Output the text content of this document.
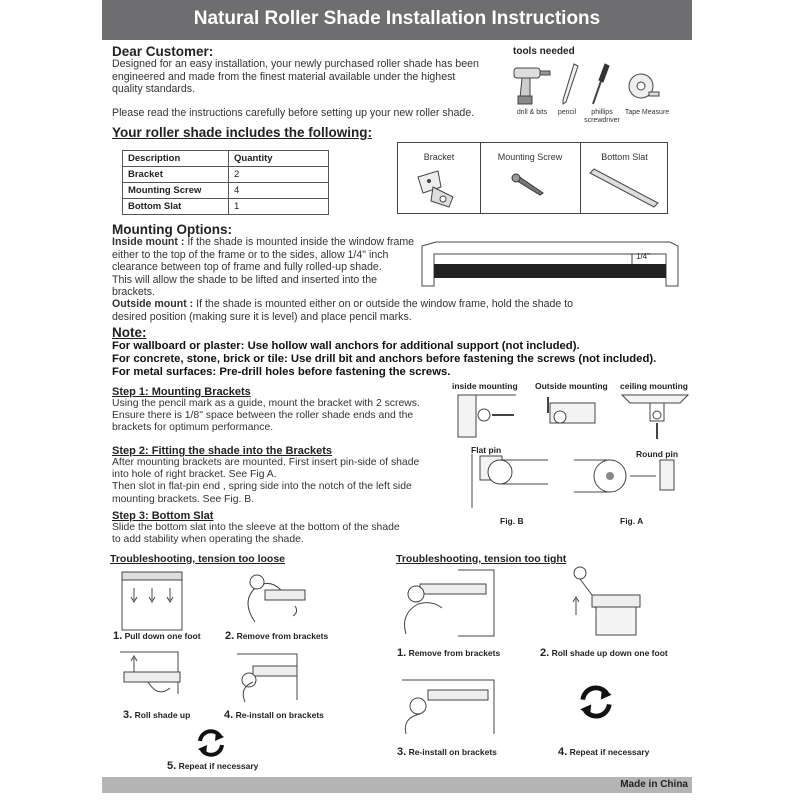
Natural Roller Shade Installation Instructions
Dear Customer:
Designed for an easy installation, your newly purchased roller shade has been
engineered and made from the finest material available under the highest
quality standards.
Please read the instructions carefully before setting up your new roller shade.
tools needed
drill & bits	pencil	phillips
screwdriver
Tape Measure
Your roller shade includes the following:
Description	Quantity
Bracket	2
Mounting Screw	4
Bottom Slat	1
Bracket	Mounting Screw	Bottom Slat
Mounting Options:
Inside mount : If the shade is mounted inside the window frame
either to the top of the frame or to the sides, allow 1/4" inch
clearance between top of frame and fully rolled-up shade.
This will allow the shade to be lifted and inserted into the
brackets.
1/4"
Outside mount : If the shade is mounted either on or outside the window frame, hold the shade to
desired position (making sure it is level) and place pencil marks.
Note:
For wallboard or plaster: Use hollow wall anchors for additional support (not included).
For concrete, stone, brick or tile: Use drill bit and anchors before fastening the screws (not included).
For metal surfaces: Pre-drill holes before fastening the screws.
Step 1: Mounting Brackets
Using the pencil mark as a guide, mount the bracket with 2 screws.
Ensure there is 1/8" space between the roller shade ends and the
brackets for optimum performance.
Step 2: Fitting the shade into the Brackets
After mounting brackets are mounted. First insert pin-side of shade
into hole of right bracket. See Fig A.
Then slot in flat-pin end , spring side into the notch of the left side
mounting brackets. See Fig. B.
Step 3: Bottom Slat
Slide the bottom slat into the sleeve at the bottom of the shade
to add stability when operating the shade.
inside mounting Outside mounting ceiling mounting
Flat pin	Round pin
Fig. B	Fig. A
Troubleshooting, tension too loose
1. Pull down one foot 2. Remove from brackets
3. Roll shade up	4. Re-install on brackets
5. Repeat if necessary
Troubleshooting, tension too tight
1. Remove from brackets	2. Roll shade up down one foot
3. Re-install on brackets	4. Repeat if necessary
Made in China
